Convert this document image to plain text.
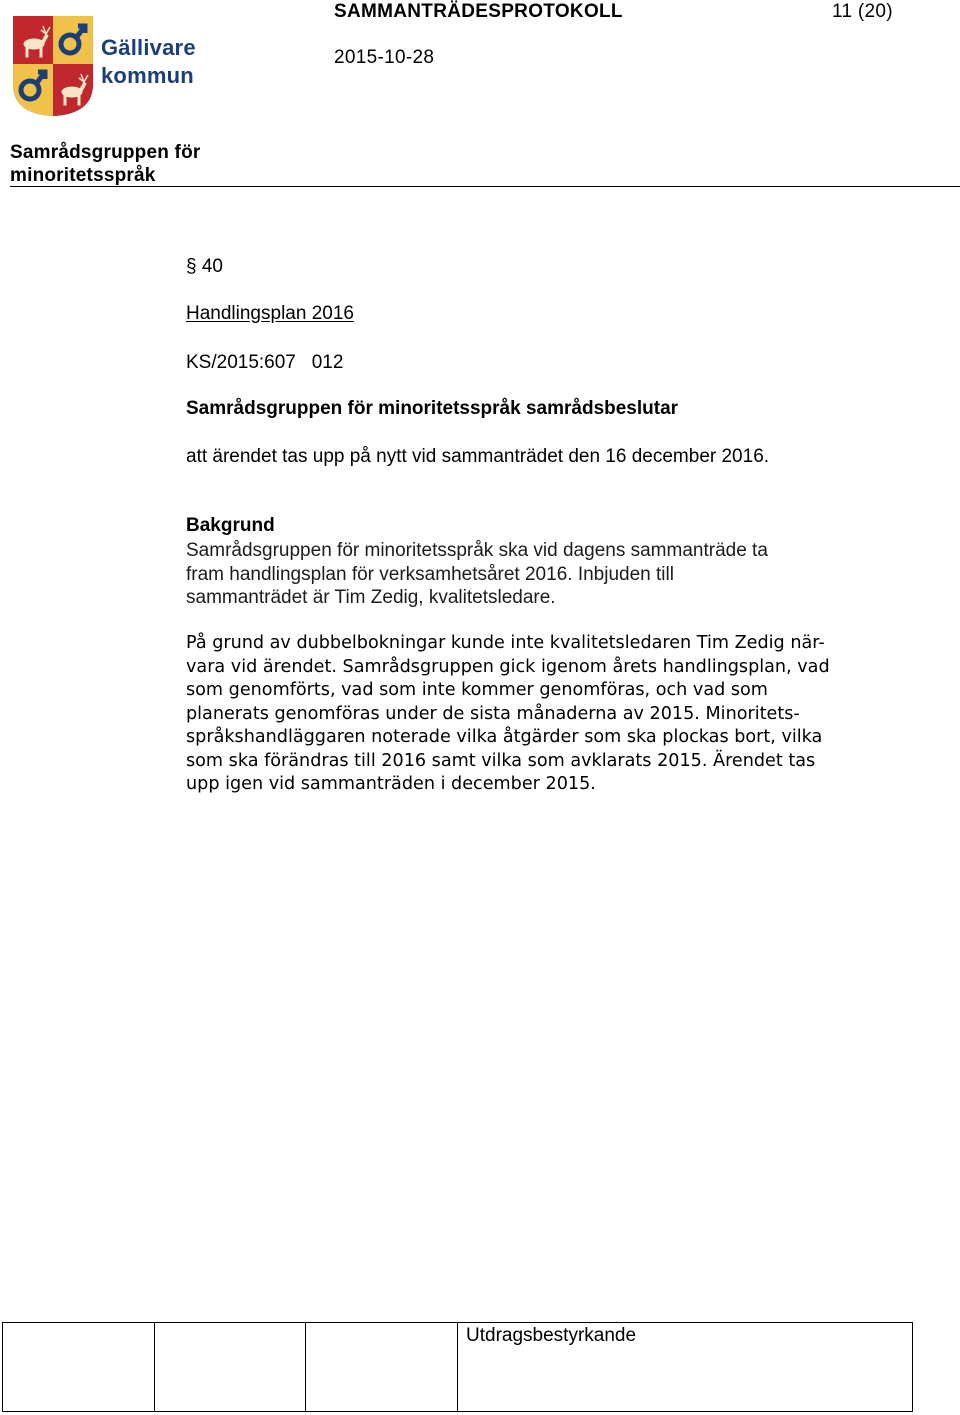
Gällivare
kommun
SAMMANTRÄDESPROTOKOLL	11 (20)
2015-10-28
Samrådsgruppen för minoritetsspråk
§ 40
Handlingsplan 2016
KS/2015:607   012
Samrådsgruppen för minoritetsspråk samrådsbeslutar
att ärendet tas upp på nytt vid sammanträdet den 16 december 2016.
Bakgrund
Samrådsgruppen för minoritetsspråk ska vid dagens sammanträde ta
fram handlingsplan för verksamhetsåret 2016. Inbjuden till
sammanträdet är Tim Zedig, kvalitetsledare.
På grund av dubbelbokningar kunde inte kvalitetsledaren Tim Zedig när-
vara vid ärendet. Samrådsgruppen gick igenom årets handlingsplan, vad
som genomförts, vad som inte kommer genomföras, och vad som
planerats genomföras under de sista månaderna av 2015. Minoritets-
språkshandläggaren noterade vilka åtgärder som ska plockas bort, vilka
som ska förändras till 2016 samt vilka som avklarats 2015. Ärendet tas
upp igen vid sammanträden i december 2015.

Utdragsbestyrkande
